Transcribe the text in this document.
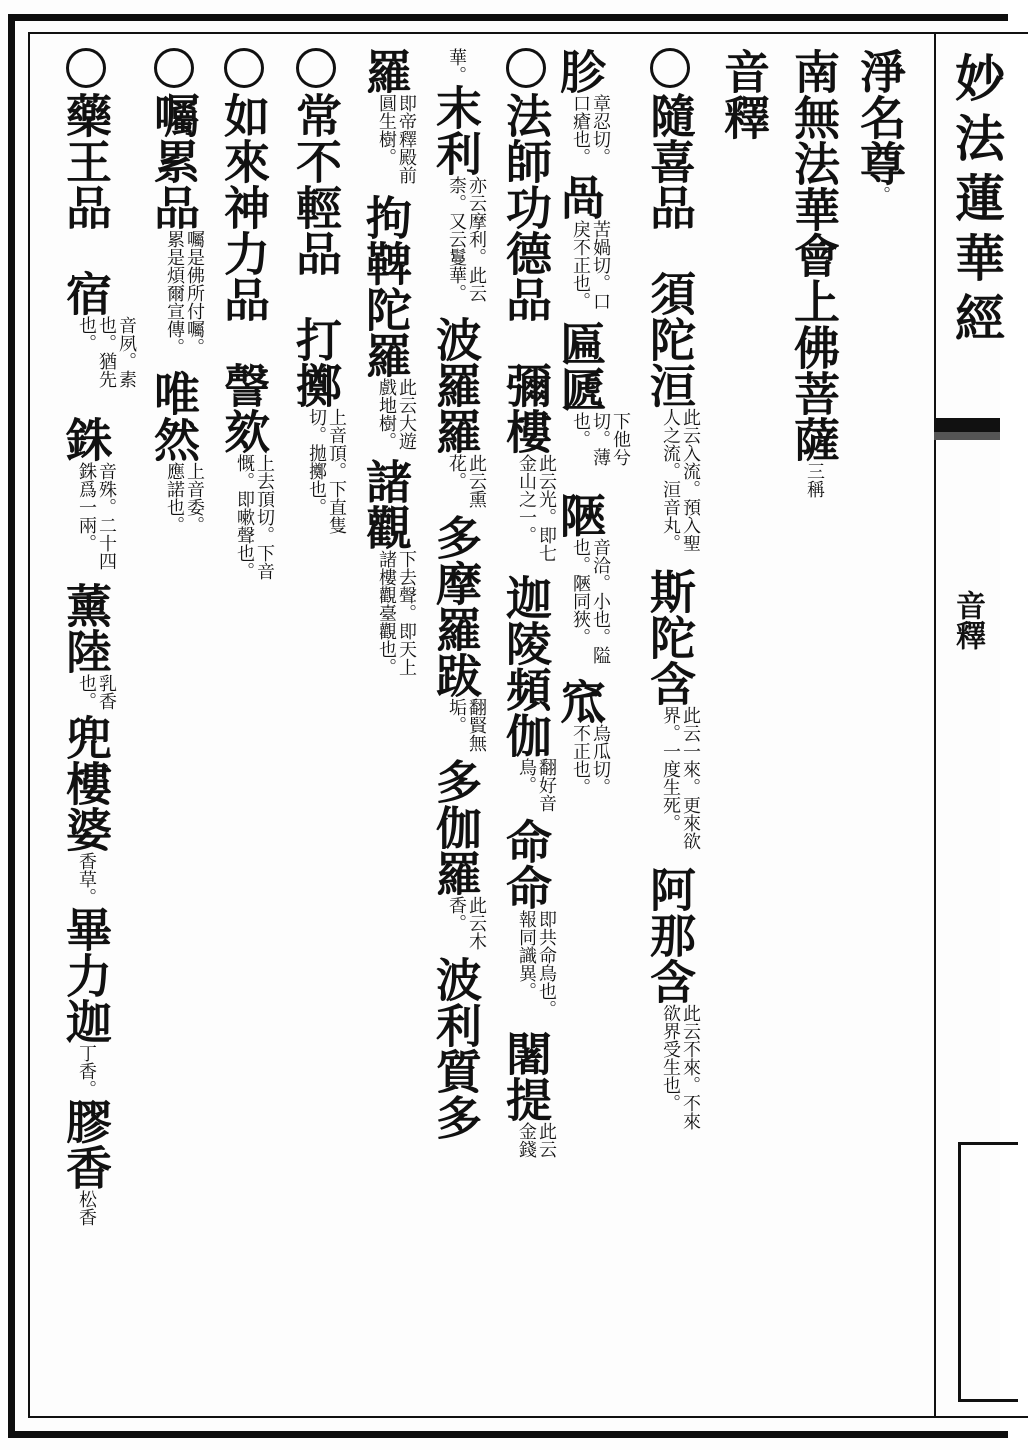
妙法蓮華經
音釋
淨名尊。
南無法華會上佛菩薩三稱
音釋
隨喜品須陀洹此云入流。預入聖人之流。洹音丸。斯陀含此云一來。更來欲界。一度生死。阿那含此云不來。不來欲界受生也。
胗章忍切。口瘡也。咼苦媧切。口戾不正也。匾㔸下他兮切。薄也。陿音洽。小也。隘也。陿同狹。窊烏瓜切。不正也。
法師功德品彌樓此云光。即七金山之一。迦陵頻伽翻好音鳥。命命即共命鳥也。報同識異。闍提此云金錢
華。末利亦云摩利。此云柰。又云鬘華。波羅羅此云熏花。多摩羅跋翻賢無垢。多伽羅此云木香。波利質多
羅即帝釋殿前圓生樹。拘鞞陀羅此云大遊戲地樹。諸觀下去聲。即天上諸樓觀臺觀也。
常不輕品打擲上音頂。下直隻切。拋擲也。
如來神力品謦欬上去頂切。下音慨。即嗽聲也。
囑累品囑是佛所付囑。累是煩爾宣傳。唯然上音委。應諾也。
藥王品宿音夙。素也。猶先也。銖音殊。二十四銖爲一兩。薰陸乳香也。兜樓婆香草。畢力迦丁香。膠香松香
